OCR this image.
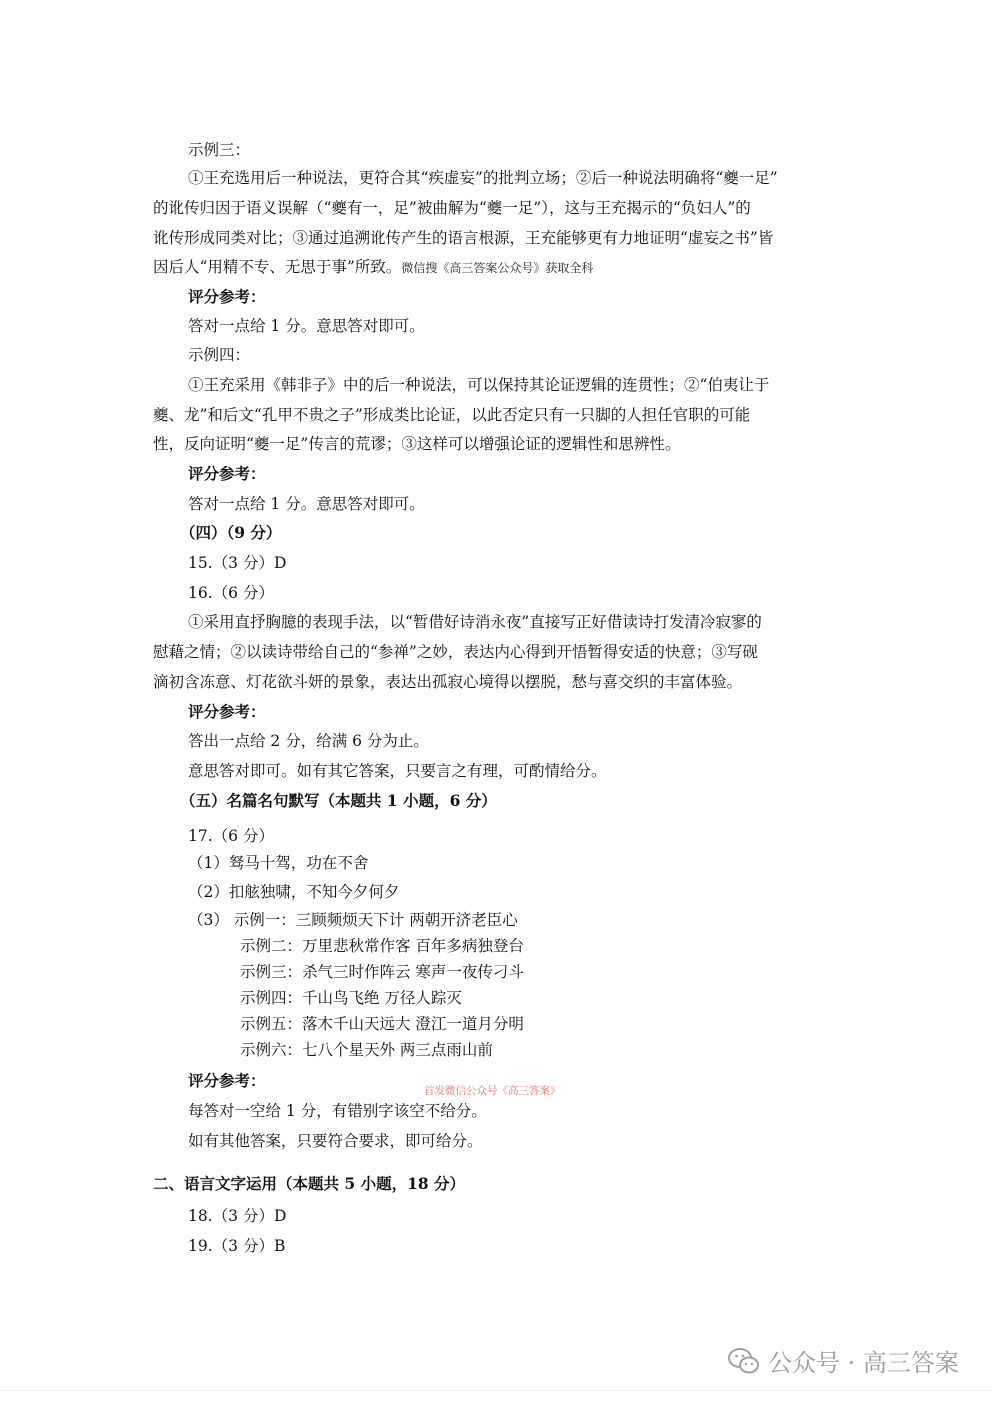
示例三：
①王充选用后一种说法，更符合其“疾虚妄”的批判立场；②后一种说法明确将“夔一足”
的讹传归因于语义误解（“夔有一，足”被曲解为“夔一足”），这与王充揭示的“负妇人”的
讹传形成同类对比；③通过追溯讹传产生的语言根源，王充能够更有力地证明“虚妄之书”皆
因后人“用精不专、无思于事”所致。微信搜《高三答案公众号》获取全科
评分参考：
答对一点给 1 分。意思答对即可。
示例四：
①王充采用《韩非子》中的后一种说法，可以保持其论证逻辑的连贯性；②“伯夷让于
夔、龙”和后文“孔甲不贵之子”形成类比论证，以此否定只有一只脚的人担任官职的可能
性，反向证明“夔一足”传言的荒谬；③这样可以增强论证的逻辑性和思辨性。
评分参考：
答对一点给 1 分。意思答对即可。
（四）（9 分）
15.（3 分）D
16.（6 分）
①采用直抒胸臆的表现手法，以“暂借好诗消永夜”直接写正好借读诗打发清冷寂寥的
慰藉之情；②以读诗带给自己的“参禅”之妙，表达内心得到开悟暂得安适的快意；③写砚
滴初含冻意、灯花欲斗妍的景象，表达出孤寂心境得以摆脱，愁与喜交织的丰富体验。
评分参考：
答出一点给 2 分，给满 6 分为止。
意思答对即可。如有其它答案，只要言之有理，可酌情给分。
（五）名篇名句默写（本题共 1 小题，6 分）
17.（6 分）
（1）驽马十驾，功在不舍
（2）扣舷独啸，不知今夕何夕
（3） 示例一：三顾频烦天下计 两朝开济老臣心
示例二：万里悲秋常作客 百年多病独登台
示例三：杀气三时作阵云 寒声一夜传刁斗
示例四：千山鸟飞绝 万径人踪灭
示例五：落木千山天远大 澄江一道月分明
示例六：七八个星天外 两三点雨山前
评分参考：
每答对一空给 1 分，有错别字该空不给分。
如有其他答案，只要符合要求，即可给分。
二、语言文字运用（本题共 5 小题，18 分）
18.（3 分）D
19.（3 分）B
首发微信公众号《高三答案》
公众号 · 高三答案
